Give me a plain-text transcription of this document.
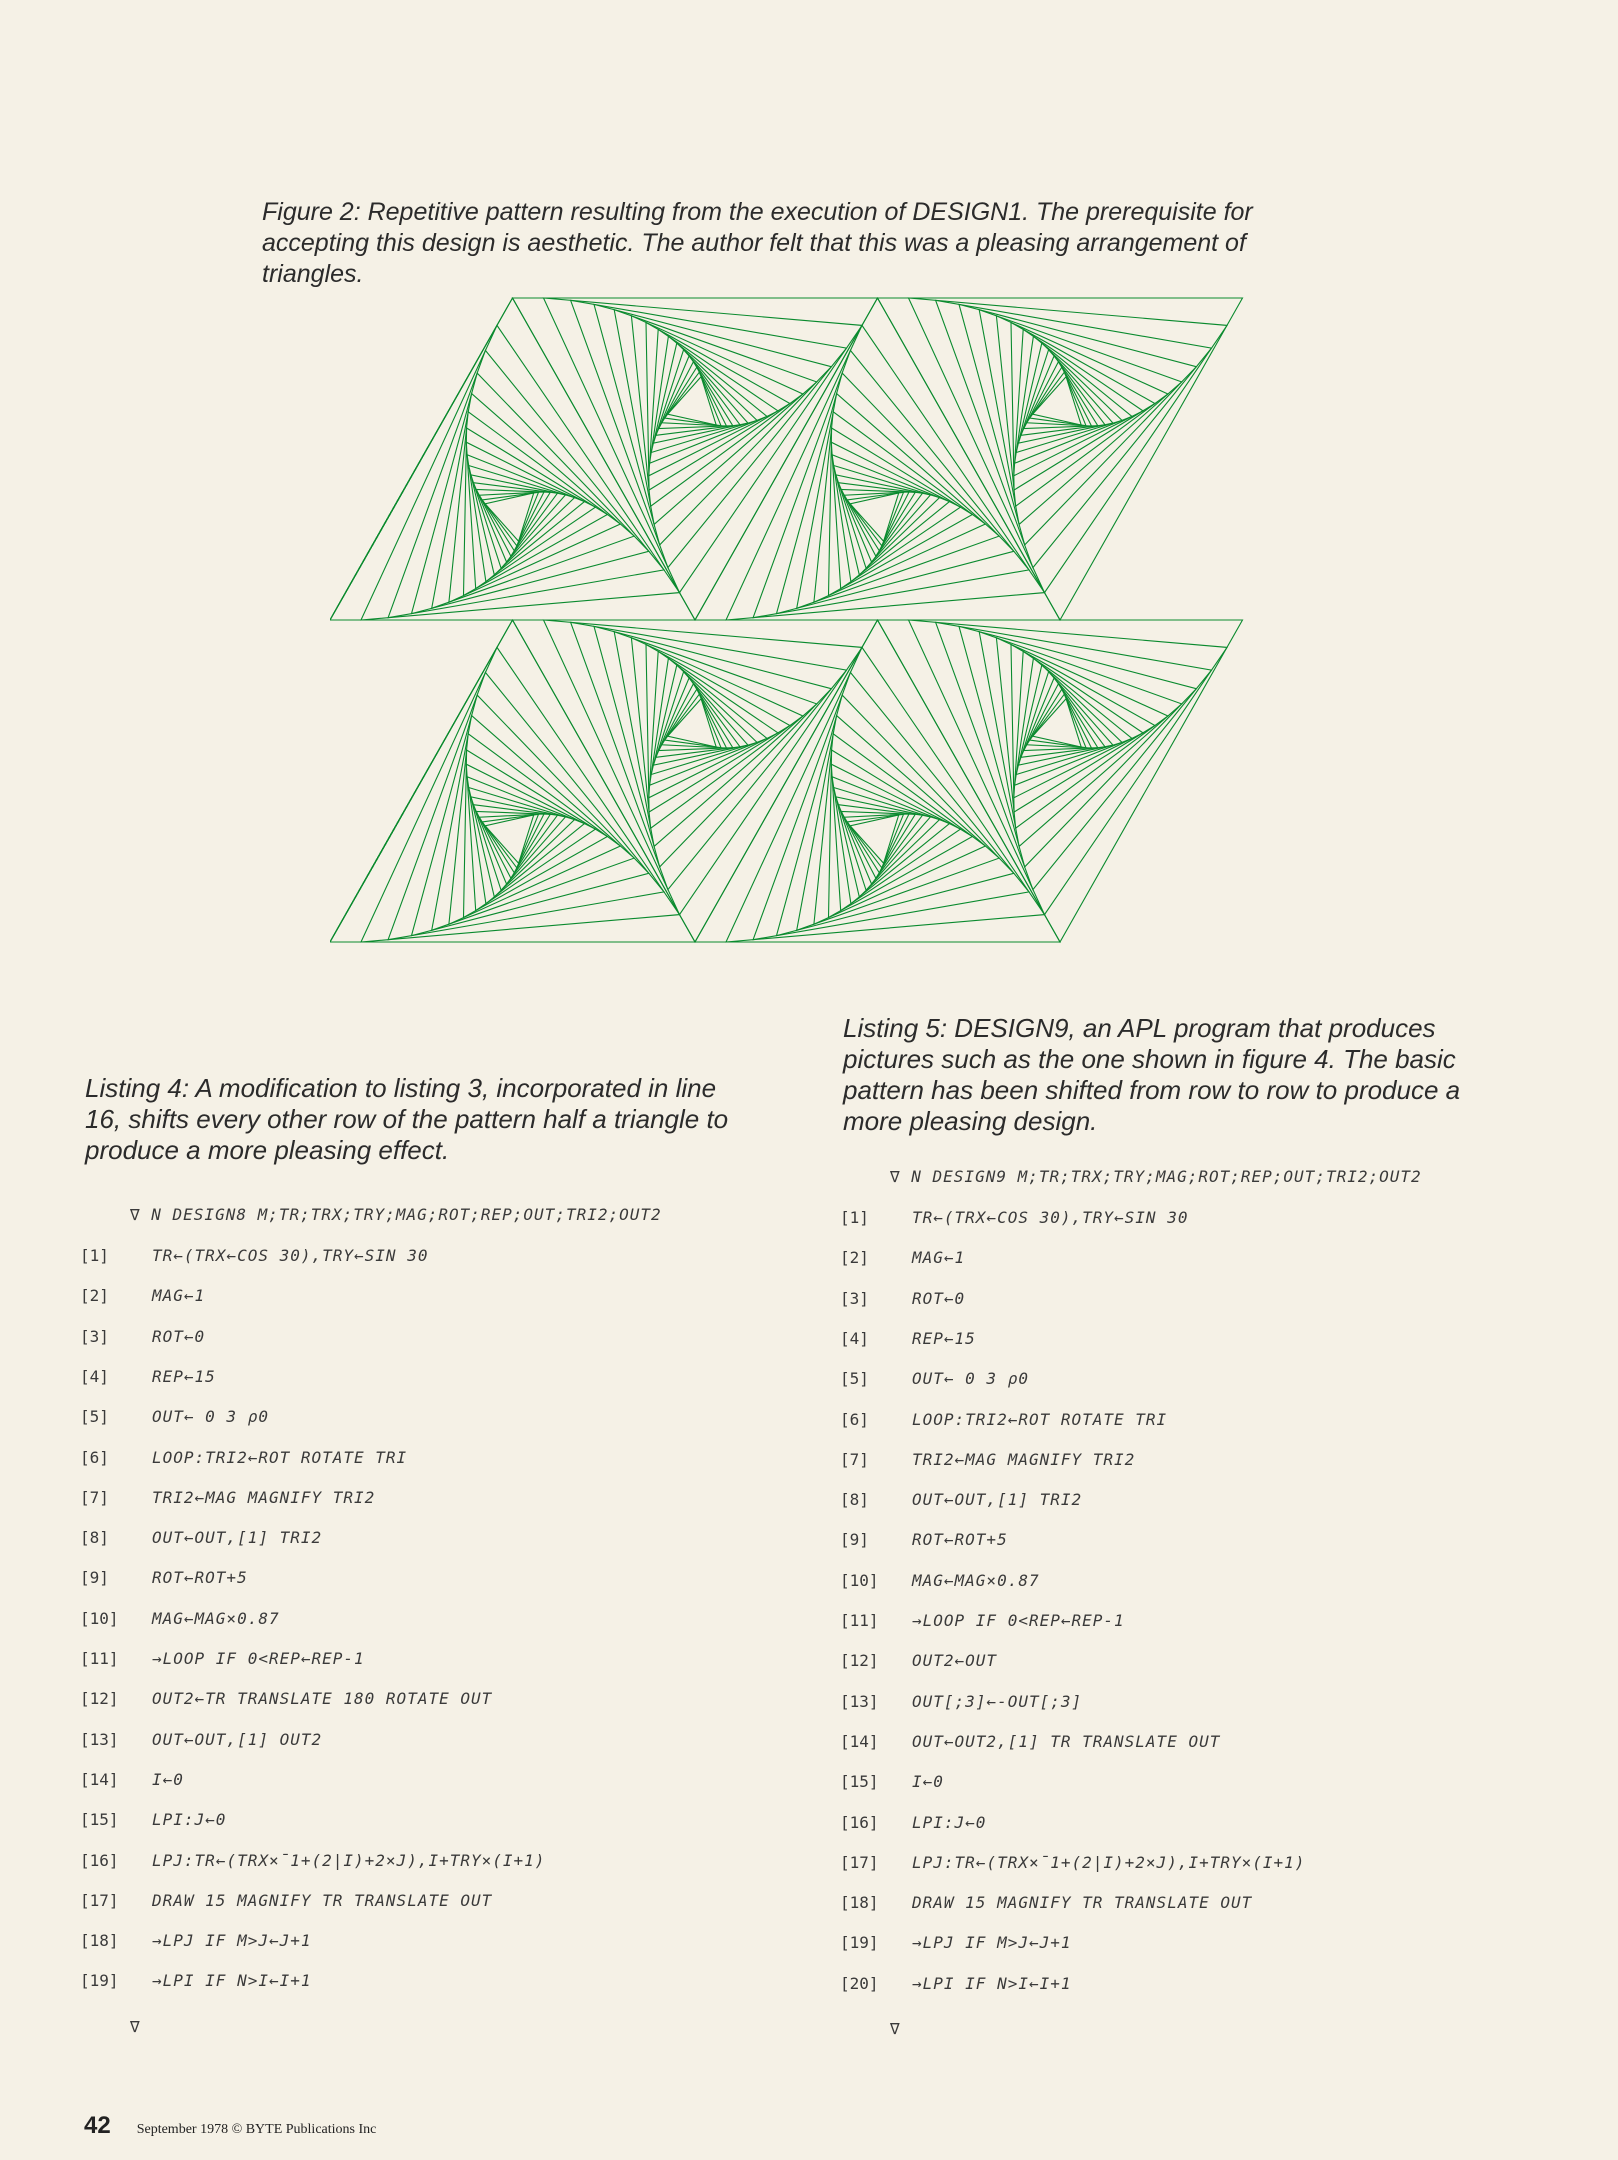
Figure 2: Repetitive pattern resulting from the execution of DESIGN1. The prerequisite for accepting this design is aesthetic. The author felt that this was a pleasing arrangement of triangles.
Listing 4: A modification to listing 3, incorporated in line 16, shifts every other row of the pattern half a triangle to produce a more pleasing effect.
∇ N DESIGN8 M;TR;TRX;TRY;MAG;ROT;REP;OUT;TRI2;OUT2
[1]	TR←(TRX←COS 30),TRY←SIN 30
[2]	MAG←1
[3]	ROT←0
[4]	REP←15
[5]	OUT← 0 3 ρ0
[6]	LOOP:TRI2←ROT ROTATE TRI
[7]	TRI2←MAG MAGNIFY TRI2
[8]	OUT←OUT,[1] TRI2
[9]	ROT←ROT+5
[10] MAG←MAG×0.87
[11] →LOOP IF 0<REP←REP-1
[12] OUT2←TR TRANSLATE 180 ROTATE OUT
[13] OUT←OUT,[1] OUT2
[14] I←0
[15] LPI:J←0
[16] LPJ:TR←(TRX×¯1+(2|I)+2×J),I+TRY×(I+1)
[17] DRAW 15 MAGNIFY TR TRANSLATE OUT
[18] →LPJ IF M>J←J+1
[19] →LPI IF N>I←I+1
∇
Listing 5: DESIGN9, an APL program that produces pictures such as the one shown in figure 4. The basic pattern has been shifted from row to row to produce a more pleasing design.
∇ N DESIGN9 M;TR;TRX;TRY;MAG;ROT;REP;OUT;TRI2;OUT2
[1]	TR←(TRX←COS 30),TRY←SIN 30
[2]	MAG←1
[3]	ROT←0
[4]	REP←15
[5]	OUT← 0 3 ρ0
[6]	LOOP:TRI2←ROT ROTATE TRI
[7]	TRI2←MAG MAGNIFY TRI2
[8]	OUT←OUT,[1] TRI2
[9]	ROT←ROT+5
[10] MAG←MAG×0.87
[11] →LOOP IF 0<REP←REP-1
[12] OUT2←OUT
[13] OUT[;3]←-OUT[;3]
[14] OUT←OUT2,[1] TR TRANSLATE OUT
[15] I←0
[16] LPI:J←0
[17] LPJ:TR←(TRX×¯1+(2|I)+2×J),I+TRY×(I+1)
[18] DRAW 15 MAGNIFY TR TRANSLATE OUT
[19] →LPJ IF M>J←J+1
[20] →LPI IF N>I←I+1
∇
42 September 1978 © BYTE Publications Inc
